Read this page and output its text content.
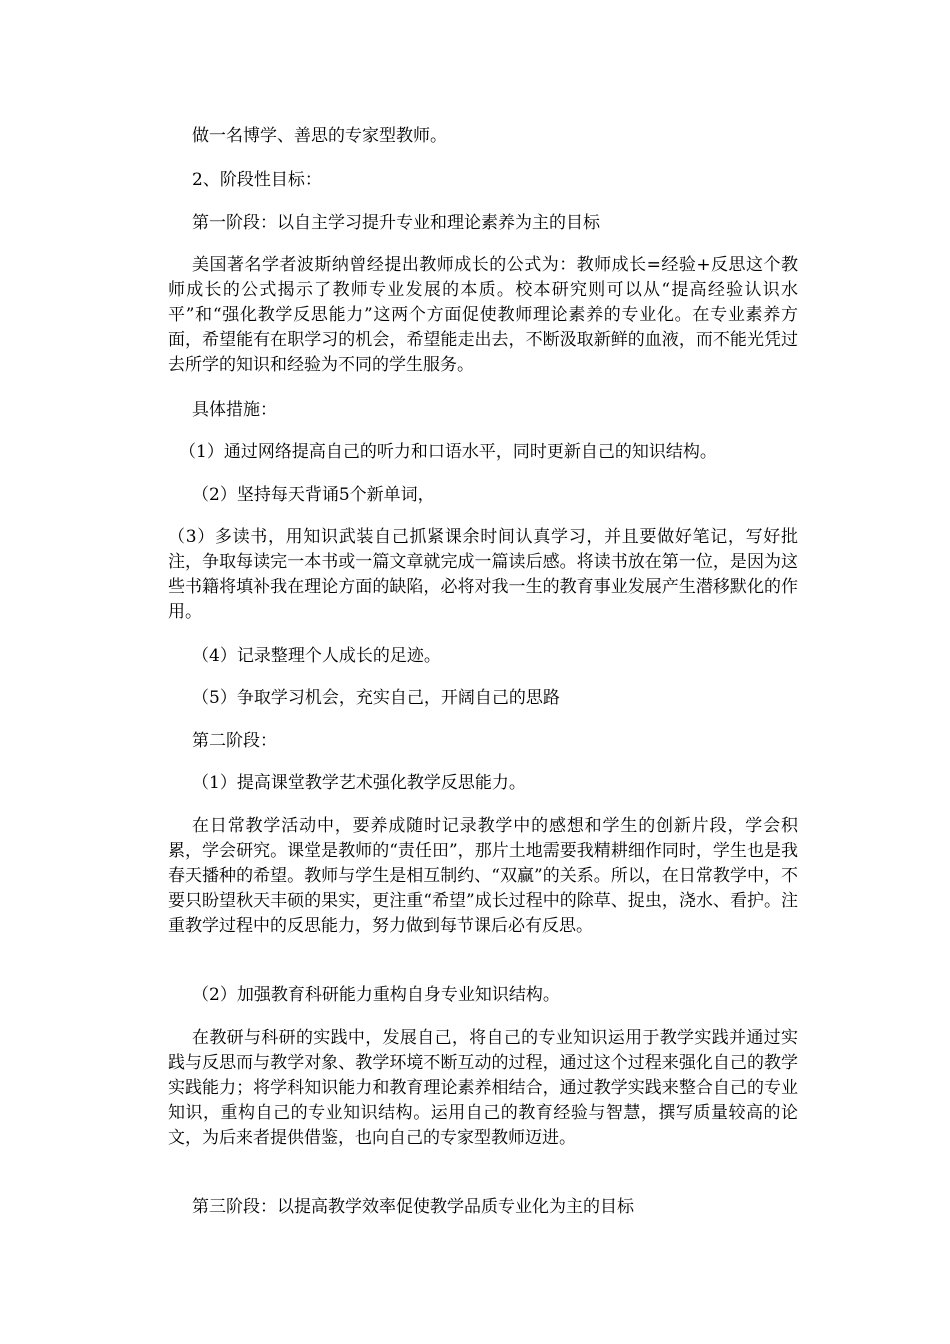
做一名博学、善思的专家型教师。

2、阶段性目标：

第一阶段：以自主学习提升专业和理论素养为主的目标

美国著名学者波斯纳曾经提出教师成长的公式为：教师成长=经验+反思这个教师成长的公式揭示了教师专业发展的本质。校本研究则可以从“提高经验认识水平”和“强化教学反思能力”这两个方面促使教师理论素养的专业化。在专业素养方面，希望能有在职学习的机会，希望能走出去，不断汲取新鲜的血液，而不能光凭过去所学的知识和经验为不同的学生服务。

具体措施：

（1）通过网络提高自己的听力和口语水平，同时更新自己的知识结构。

（2）坚持每天背诵5个新单词，

（3）多读书，用知识武装自己抓紧课余时间认真学习，并且要做好笔记，写好批注，争取每读完一本书或一篇文章就完成一篇读后感。将读书放在第一位，是因为这些书籍将填补我在理论方面的缺陷，必将对我一生的教育事业发展产生潜移默化的作用。

（4）记录整理个人成长的足迹。

（5）争取学习机会，充实自己，开阔自己的思路

第二阶段：

（1）提高课堂教学艺术强化教学反思能力。

在日常教学活动中，要养成随时记录教学中的感想和学生的创新片段，学会积累，学会研究。课堂是教师的“责任田”，那片土地需要我精耕细作同时，学生也是我春天播种的希望。教师与学生是相互制约、“双赢”的关系。所以，在日常教学中，不要只盼望秋天丰硕的果实，更注重“希望”成长过程中的除草、捉虫，浇水、看护。注重教学过程中的反思能力，努力做到每节课后必有反思。

（2）加强教育科研能力重构自身专业知识结构。

在教研与科研的实践中，发展自己，将自己的专业知识运用于教学实践并通过实践与反思而与教学对象、教学环境不断互动的过程，通过这个过程来强化自己的教学实践能力；将学科知识能力和教育理论素养相结合，通过教学实践来整合自己的专业知识，重构自己的专业知识结构。运用自己的教育经验与智慧，撰写质量较高的论文，为后来者提供借鉴，也向自己的专家型教师迈进。

第三阶段：以提高教学效率促使教学品质专业化为主的目标
